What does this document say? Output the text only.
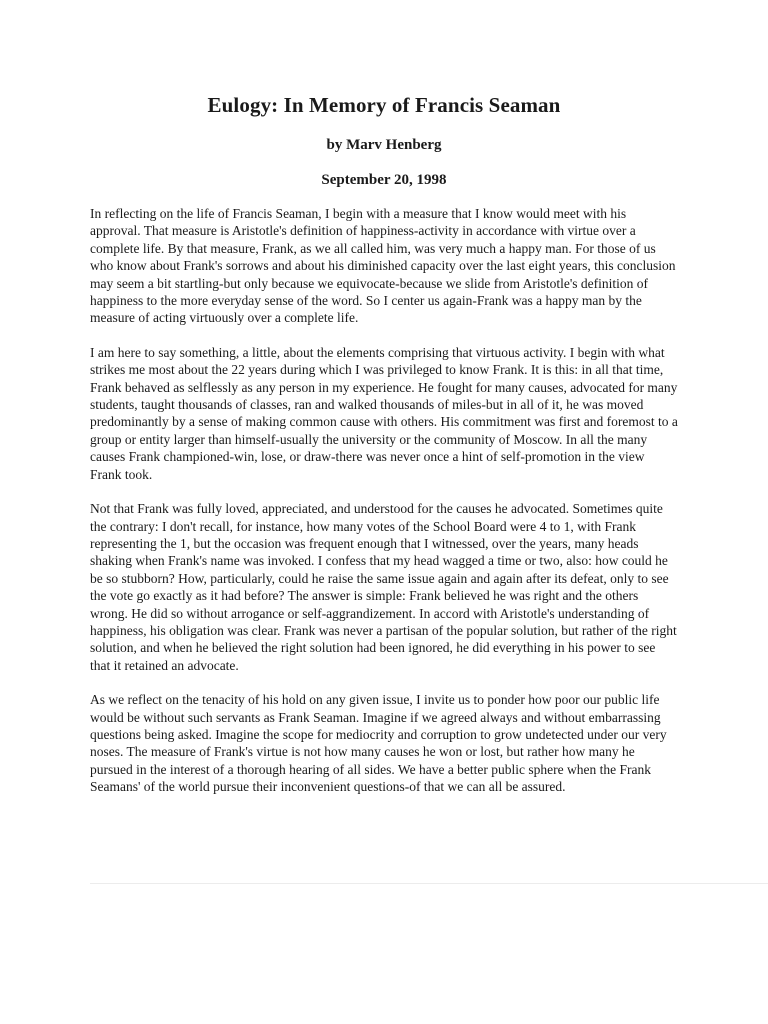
Eulogy: In Memory of Francis Seaman
by Marv Henberg
September 20, 1998

In reflecting on the life of Francis Seaman, I begin with a measure that I know would meet with his approval. That measure is Aristotle's definition of happiness-activity in accordance with virtue over a complete life. By that measure, Frank, as we all called him, was very much a happy man. For those of us who know about Frank's sorrows and about his diminished capacity over the last eight years, this conclusion may seem a bit startling-but only because we equivocate-because we slide from Aristotle's definition of happiness to the more everyday sense of the word. So I center us again-Frank was a happy man by the measure of acting virtuously over a complete life.

I am here to say something, a little, about the elements comprising that virtuous activity. I begin with what strikes me most about the 22 years during which I was privileged to know Frank. It is this: in all that time, Frank behaved as selflessly as any person in my experience. He fought for many causes, advocated for many students, taught thousands of classes, ran and walked thousands of miles-but in all of it, he was moved predominantly by a sense of making common cause with others. His commitment was first and foremost to a group or entity larger than himself-usually the university or the community of Moscow. In all the many causes Frank championed-win, lose, or draw-there was never once a hint of self-promotion in the view Frank took.

Not that Frank was fully loved, appreciated, and understood for the causes he advocated. Sometimes quite the contrary: I don't recall, for instance, how many votes of the School Board were 4 to 1, with Frank representing the 1, but the occasion was frequent enough that I witnessed, over the years, many heads shaking when Frank's name was invoked. I confess that my head wagged a time or two, also: how could he be so stubborn? How, particularly, could he raise the same issue again and again after its defeat, only to see the vote go exactly as it had before? The answer is simple: Frank believed he was right and the others wrong. He did so without arrogance or self-aggrandizement. In accord with Aristotle's understanding of happiness, his obligation was clear. Frank was never a partisan of the popular solution, but rather of the right solution, and when he believed the right solution had been ignored, he did everything in his power to see that it retained an advocate.

As we reflect on the tenacity of his hold on any given issue, I invite us to ponder how poor our public life would be without such servants as Frank Seaman. Imagine if we agreed always and without embarrassing questions being asked. Imagine the scope for mediocrity and corruption to grow undetected under our very noses. The measure of Frank's virtue is not how many causes he won or lost, but rather how many he pursued in the interest of a thorough hearing of all sides. We have a better public sphere when the Frank Seamans' of the world pursue their inconvenient questions-of that we can all be assured.
